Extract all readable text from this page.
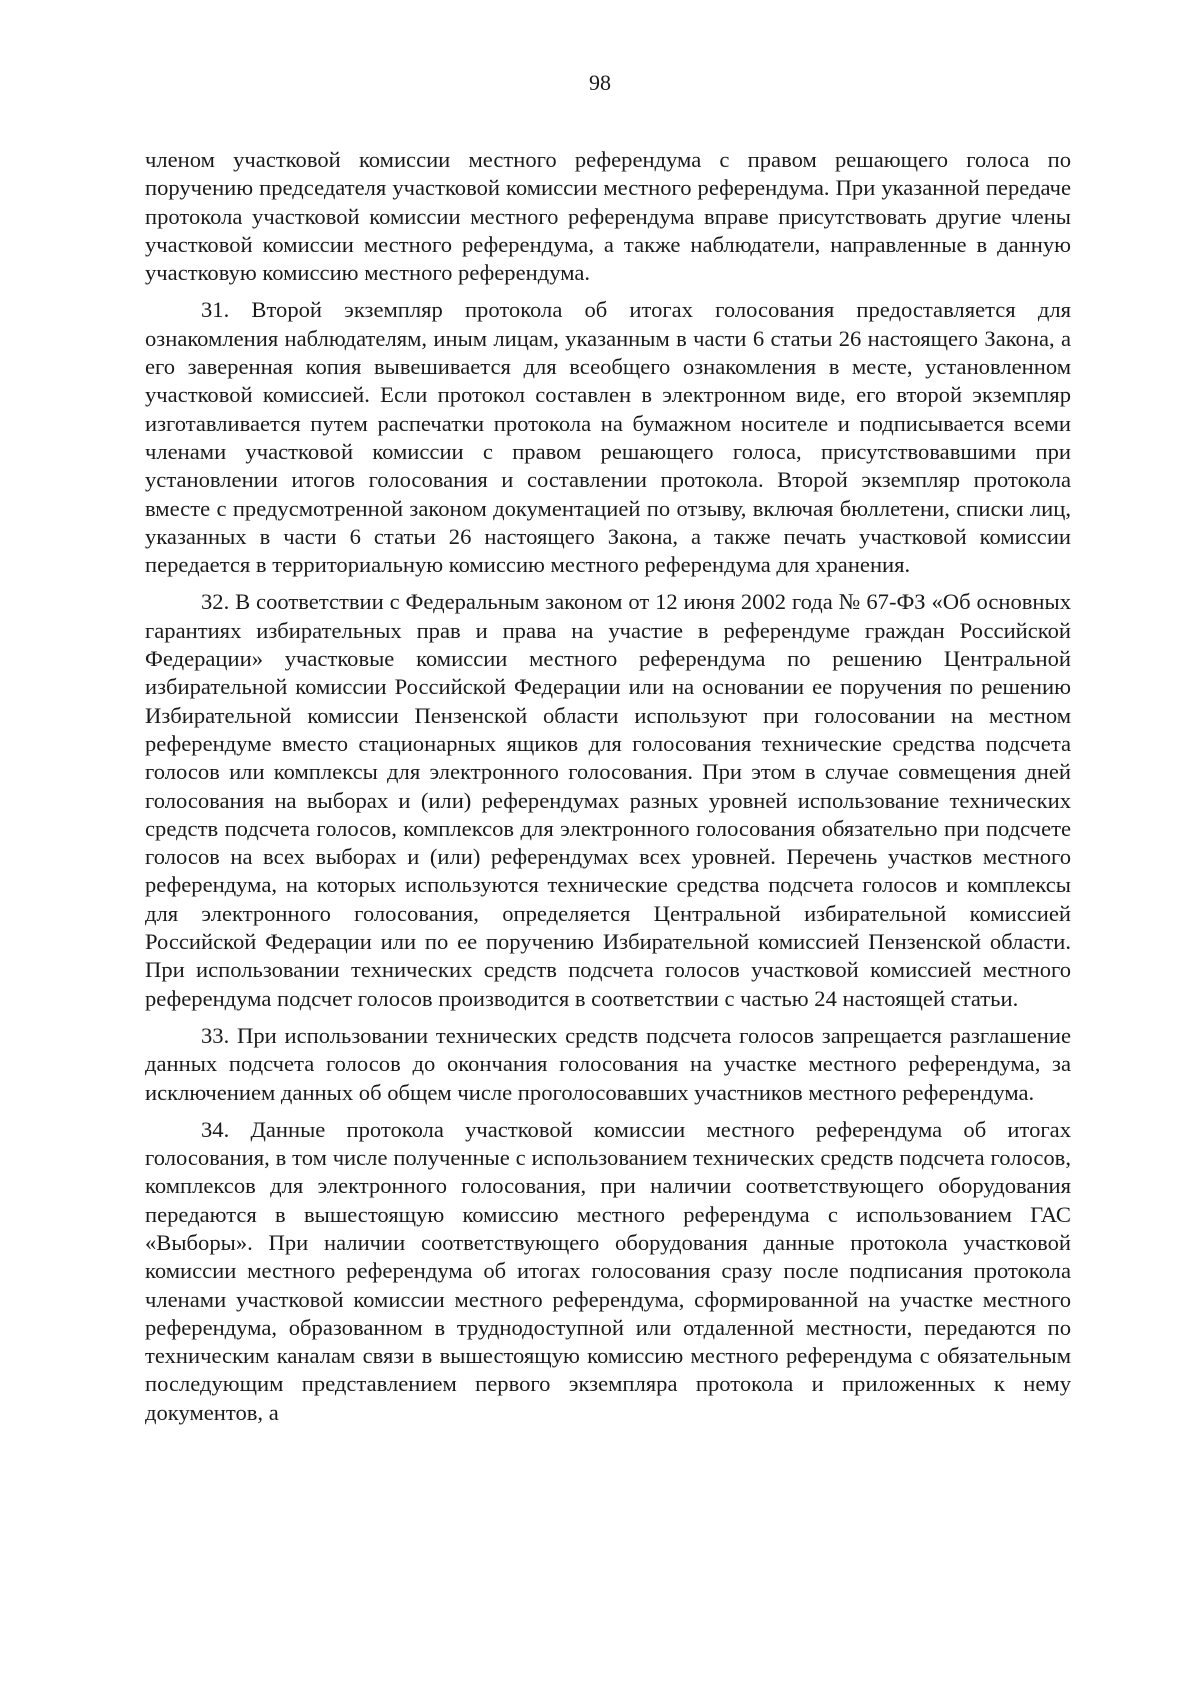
98

членом участковой комиссии местного референдума с правом решающего голоса по поручению председателя участковой комиссии местного референдума. При указанной передаче протокола участковой комиссии местного референдума вправе присутствовать другие члены участковой комиссии местного референдума, а также наблюдатели, направленные в данную участковую комиссию местного референдума.

31. Второй экземпляр протокола об итогах голосования предоставляется для ознакомления наблюдателям, иным лицам, указанным в части 6 статьи 26 настоящего Закона, а его заверенная копия вывешивается для всеобщего ознакомления в месте, установленном участковой комиссией. Если протокол составлен в электронном виде, его второй экземпляр изготавливается путем распечатки протокола на бумажном носителе и подписывается всеми членами участковой комиссии с правом решающего голоса, присутствовавшими при установлении итогов голосования и составлении протокола. Второй экземпляр протокола вместе с предусмотренной законом документацией по отзыву, включая бюллетени, списки лиц, указанных в части 6 статьи 26 настоящего Закона, а также печать участковой комиссии передается в территориальную комиссию местного референдума для хранения.

32. В соответствии с Федеральным законом от 12 июня 2002 года № 67-ФЗ «Об основных гарантиях избирательных прав и права на участие в референдуме граждан Российской Федерации» участковые комиссии местного референдума по решению Центральной избирательной комиссии Российской Федерации или на основании ее поручения по решению Избирательной комиссии Пензенской области используют при голосовании на местном референдуме вместо стационарных ящиков для голосования технические средства подсчета голосов или комплексы для электронного голосования. При этом в случае совмещения дней голосования на выборах и (или) референдумах разных уровней использование технических средств подсчета голосов, комплексов для электронного голосования обязательно при подсчете голосов на всех выборах и (или) референдумах всех уровней. Перечень участков местного референдума, на которых используются технические средства подсчета голосов и комплексы для электронного голосования, определяется Центральной избирательной комиссией Российской Федерации или по ее поручению Избирательной комиссией Пензенской области. При использовании технических средств подсчета голосов участковой комиссией местного референдума подсчет голосов производится в соответствии с частью 24 настоящей статьи.

33. При использовании технических средств подсчета голосов запрещается разглашение данных подсчета голосов до окончания голосования на участке местного референдума, за исключением данных об общем числе проголосовавших участников местного референдума.

34. Данные протокола участковой комиссии местного референдума об итогах голосования, в том числе полученные с использованием технических средств подсчета голосов, комплексов для электронного голосования, при наличии соответствующего оборудования передаются в вышестоящую комиссию местного референдума с использованием ГАС «Выборы». При наличии соответствующего оборудования данные протокола участковой комиссии местного референдума об итогах голосования сразу после подписания протокола членами участковой комиссии местного референдума, сформированной на участке местного референдума, образованном в труднодоступной или отдаленной местности, передаются по техническим каналам связи в вышестоящую комиссию местного референдума с обязательным последующим представлением первого экземпляра протокола и приложенных к нему документов, а
